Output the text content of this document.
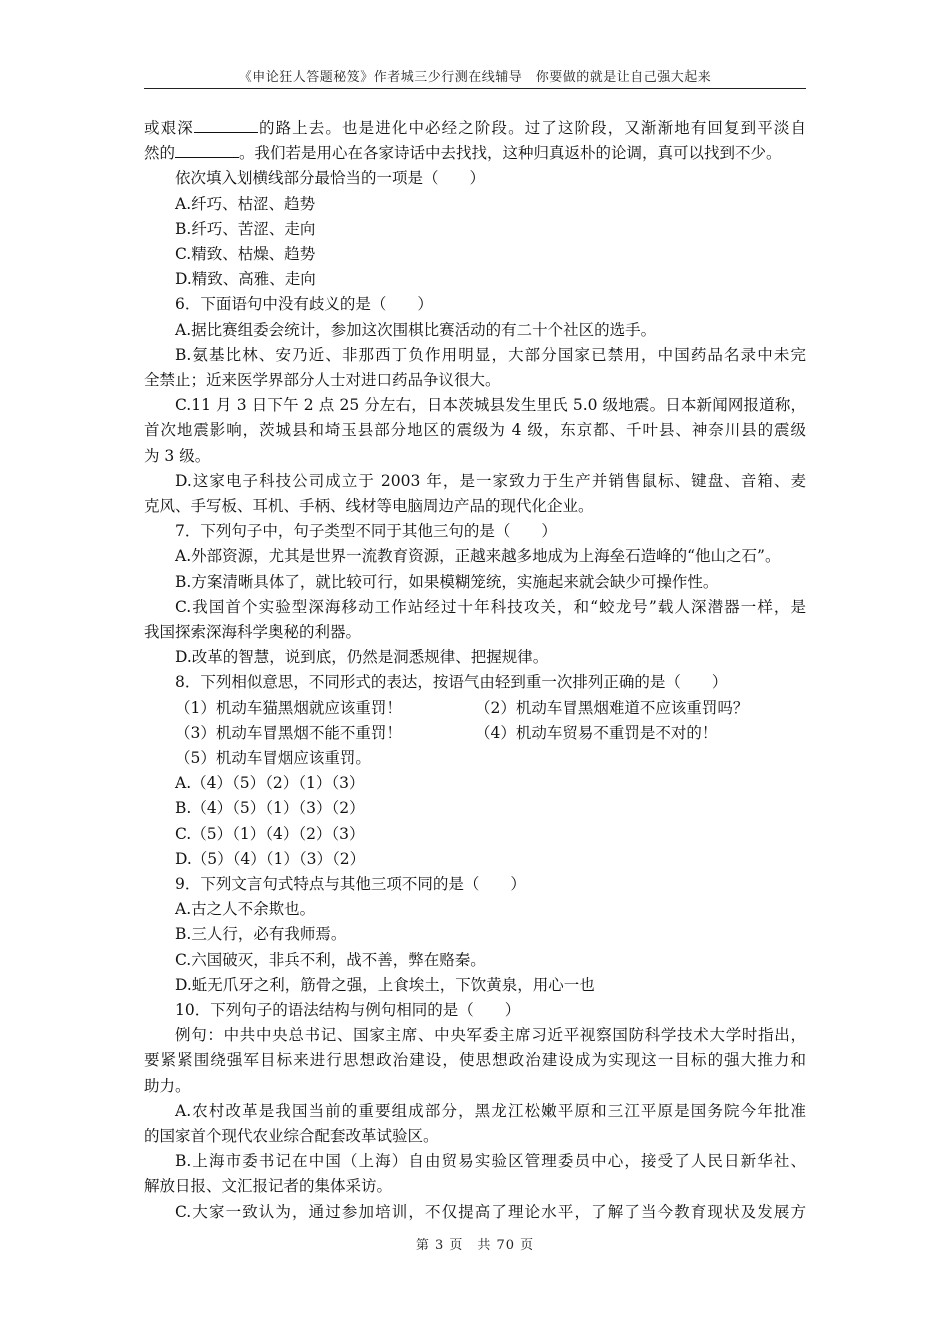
《申论狂人答题秘笈》作者城三少行测在线辅导　你要做的就是让自己强大起来
或艰深	的路上去。也是进化中必经之阶段。过了这阶段，又渐渐地有回复到平淡自
然的	。我们若是用心在各家诗话中去找找，这种归真返朴的论调，真可以找到不少。
依次填入划横线部分最恰当的一项是（　　）
A.纤巧、枯涩、趋势
B.纤巧、苦涩、走向
C.精致、枯燥、趋势
D.精致、高雅、走向
6．下面语句中没有歧义的是（　　）
A.据比赛组委会统计，参加这次围棋比赛活动的有二十个社区的选手。
B.氨基比林、安乃近、非那西丁负作用明显，大部分国家已禁用，中国药品名录中未完
全禁止；近来医学界部分人士对进口药品争议很大。
C.11 月 3 日下午 2 点 25 分左右，日本茨城县发生里氏 5.0 级地震。日本新闻网报道称，
首次地震影响，茨城县和埼玉县部分地区的震级为 4 级，东京都、千叶县、神奈川县的震级
为 3 级。
D.这家电子科技公司成立于 2003 年，是一家致力于生产并销售鼠标、键盘、音箱、麦
克风、手写板、耳机、手柄、线材等电脑周边产品的现代化企业。
7．下列句子中，句子类型不同于其他三句的是（　　）
A.外部资源，尤其是世界一流教育资源，正越来越多地成为上海垒石造峰的“他山之石”。
B.方案清晰具体了，就比较可行，如果模糊笼统，实施起来就会缺少可操作性。
C.我国首个实验型深海移动工作站经过十年科技攻关，和“蛟龙号”载人深潜器一样，是
我国探索深海科学奥秘的利器。
D.改革的智慧，说到底，仍然是洞悉规律、把握规律。
8．下列相似意思，不同形式的表达，按语气由轻到重一次排列正确的是（　　）
（1）机动车猫黑烟就应该重罚！	（2）机动车冒黑烟难道不应该重罚吗？
（3）机动车冒黑烟不能不重罚！	（4）机动车贸易不重罚是不对的！
（5）机动车冒烟应该重罚。
A.（4）（5）（2）（1）（3）
B.（4）（5）（1）（3）（2）
C.（5）（1）（4）（2）（3）
D.（5）（4）（1）（3）（2）
9．下列文言句式特点与其他三项不同的是（　　）
A.古之人不余欺也。
B.三人行，必有我师焉。
C.六国破灭，非兵不利，战不善，弊在赂秦。
D.蚯无爪牙之利，筋骨之强，上食埃土，下饮黄泉，用心一也
10．下列句子的语法结构与例句相同的是（　　）
例句：中共中央总书记、国家主席、中央军委主席习近平视察国防科学技术大学时指出，
要紧紧围绕强军目标来进行思想政治建设，使思想政治建设成为实现这一目标的强大推力和
助力。
A.农村改革是我国当前的重要组成部分，黑龙江松嫩平原和三江平原是国务院今年批准
的国家首个现代农业综合配套改革试验区。
B.上海市委书记在中国（上海）自由贸易实验区管理委员中心，接受了人民日新华社、
解放日报、文汇报记者的集体采访。
C.大家一致认为，通过参加培训，不仅提高了理论水平，了解了当今教育现状及发展方
第 3 页　共 70 页
